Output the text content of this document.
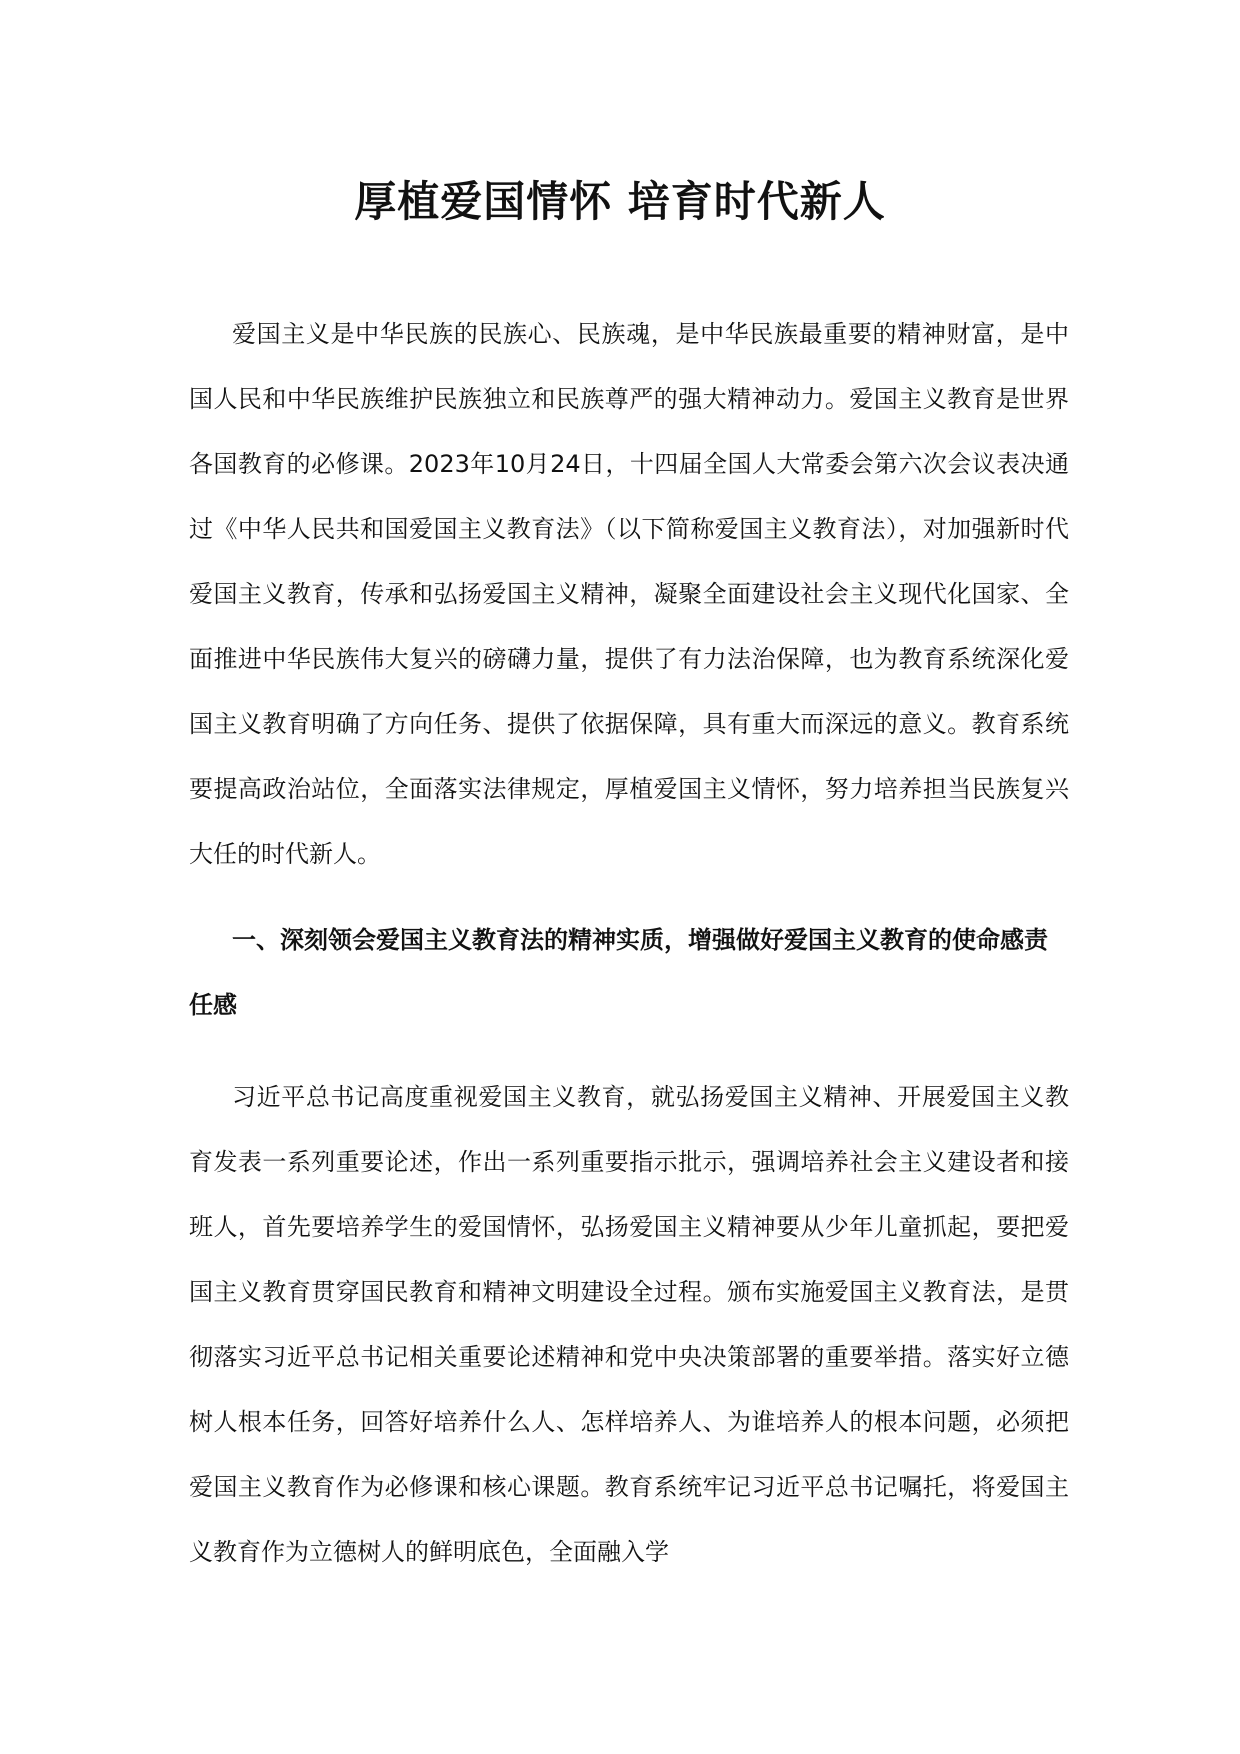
厚植爱国情怀 培育时代新人

爱国主义是中华民族的民族心、民族魂，是中华民族最重要的精神财富，是中国人民和中华民族维护民族独立和民族尊严的强大精神动力。爱国主义教育是世界各国教育的必修课。2023年10月24日，十四届全国人大常委会第六次会议表决通过《中华人民共和国爱国主义教育法》（以下简称爱国主义教育法），对加强新时代爱国主义教育，传承和弘扬爱国主义精神，凝聚全面建设社会主义现代化国家、全面推进中华民族伟大复兴的磅礴力量，提供了有力法治保障，也为教育系统深化爱国主义教育明确了方向任务、提供了依据保障，具有重大而深远的意义。教育系统要提高政治站位，全面落实法律规定，厚植爱国主义情怀，努力培养担当民族复兴大任的时代新人。

一、深刻领会爱国主义教育法的精神实质，增强做好爱国主义教育的使命感责任感

习近平总书记高度重视爱国主义教育，就弘扬爱国主义精神、开展爱国主义教育发表一系列重要论述，作出一系列重要指示批示，强调培养社会主义建设者和接班人，首先要培养学生的爱国情怀，弘扬爱国主义精神要从少年儿童抓起，要把爱国主义教育贯穿国民教育和精神文明建设全过程。颁布实施爱国主义教育法，是贯彻落实习近平总书记相关重要论述精神和党中央决策部署的重要举措。落实好立德树人根本任务，回答好培养什么人、怎样培养人、为谁培养人的根本问题，必须把爱国主义教育作为必修课和核心课题。教育系统牢记习近平总书记嘱托，将爱国主义教育作为立德树人的鲜明底色，全面融入学
